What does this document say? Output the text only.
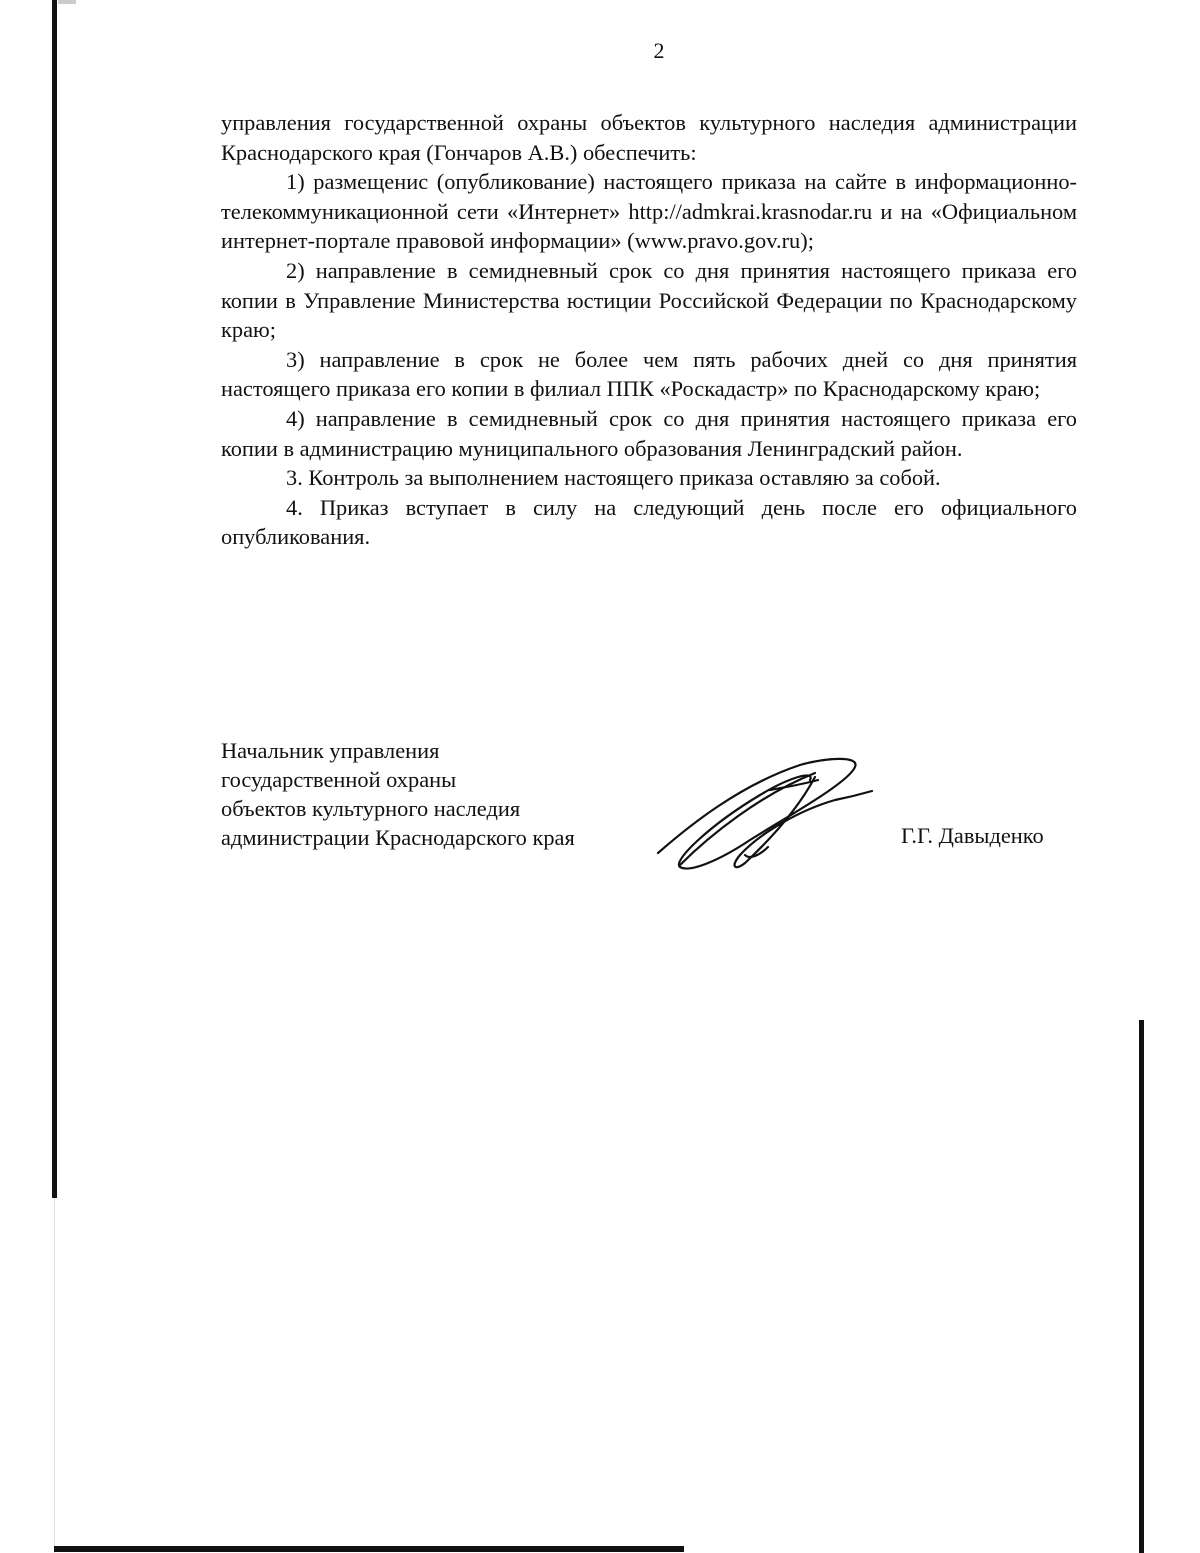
2

управления государственной охраны объектов культурного наследия администрации Краснодарского края (Гончаров А.В.) обеспечить:

1) размещенис (опубликование) настоящего приказа на сайте в информационно-телекоммуникационной сети «Интернет» http://admkrai.krasnodar.ru и на «Официальном интернет-портале правовой информации» (www.pravo.gov.ru);

2) направление в семидневный срок со дня принятия настоящего приказа его копии в Управление Министерства юстиции Российской Федерации по Краснодарскому краю;

3) направление в срок не более чем пять рабочих дней со дня принятия настоящего приказа его копии в филиал ППК «Роскадастр» по Краснодарскому краю;

4) направление в семидневный срок со дня принятия настоящего приказа его копии в администрацию муниципального образования Ленинградский район.

3. Контроль за выполнением настоящего приказа оставляю за собой.

4. Приказ вступает в силу на следующий день после его официального опубликования.

Начальник управления
государственной охраны
объектов культурного наследия
администрации Краснодарского края	Г.Г. Давыденко
